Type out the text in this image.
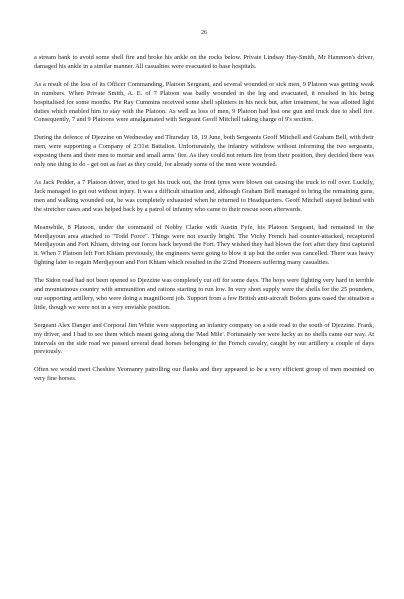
26

a stream bank to avoid some shell fire and broke his ankle on the rocks below. Private Lindsay Hay-Smith, Mr Hammon's driver, damaged his ankle in a similar manner. All casualties were evacuated to base hospitals.

As a result of the loss of its Officer Commanding, Platoon Sergeant, and several wounded or sick men, 9 Platoon was getting weak in numbers. When Private Smith, A. E. of 7 Platoon was badly wounded in the leg and evacuated, it resulted in his being hospitalised for some months. Pte Ray Cummins received some shell splinters in his neck but, after treatment, he was allotted light duties which enabled him to stay with the Platoon. As well as loss of men, 9 Platoon had lost one gun and truck due to shell fire. Consequently, 7 and 9 Platoons were amalgamated with Sergeant Geoff Mitchell taking charge of 9's section.

During the defence of Djezzine on Wednesday and Thursday 18, 19 June, both Sergeants Geoff Mitchell and Graham Bell, with their men, were supporting a Company of 2/31st Battalion. Unfortunately, the infantry withdrew without informing the two sergeants, exposing them and their men to mortar and small arms' fire. As they could not return fire from their position, they decided there was only one thing to do - get out as fast as they could, for already some of the men were wounded.

As Jack Pedder, a 7 Platoon driver, tried to get his truck out, the front tyres were blown out causing the truck to roll over. Luckily, Jack managed to get out without injury. It was a difficult situation and, although Graham Bell managed to bring the remaining guns, men and walking wounded out, he was completely exhausted when he returned to Headquarters. Geoff Mitchell stayed behind with the stretcher cases and was helped back by a patrol of infantry who came to their rescue soon afterwards.

Meanwhile, 8 Platoon, under the command of Nobby Clarke with Austin Fyfe, his Platoon Sergeant, had remained in the Merdjayoun area attached to "Todd Force". Things were not exactly bright. The Vichy French had counter-attacked, recaptured Merdjayoun and Fort Khiam, driving our forces back beyond the Fort. They wished they had blown the fort after they first captured it. When 7 Platoon left Fort Khiam previously, the engineers were going to blow it up but the order was cancelled. There was heavy fighting later to regain Merdjayoun and Fort Khiam which resulted in the 2/2nd Pioneers suffering many casualties.

The Sidon road had not been opened so Djezzine was completely cut off for some days. The boys were fighting very hard in terrible and mountainous country with ammunition and rations starting to run low. In very short supply were the shells for the 25 pounders, our supporting artillery, who were doing a magnificent job. Support from a few British anti-aircraft Bofors guns eased the situation a little, though we were not in a very enviable position.

Sergeant Alex Danger and Corporal Jim White were supporting an infantry company on a side road to the south of Djezzine. Frank, my driver, and I had to see them which meant going along the 'Mad Mile'. Fortunately we were lucky as no shells came our way. At intervals on the side road we passed several dead horses belonging to the French cavalry, caught by our artillery a couple of days previously.

Often we would meet Cheshire Yeomanry patrolling our flanks and they appeared to be a very efficient group of men mounted on very fine horses.
